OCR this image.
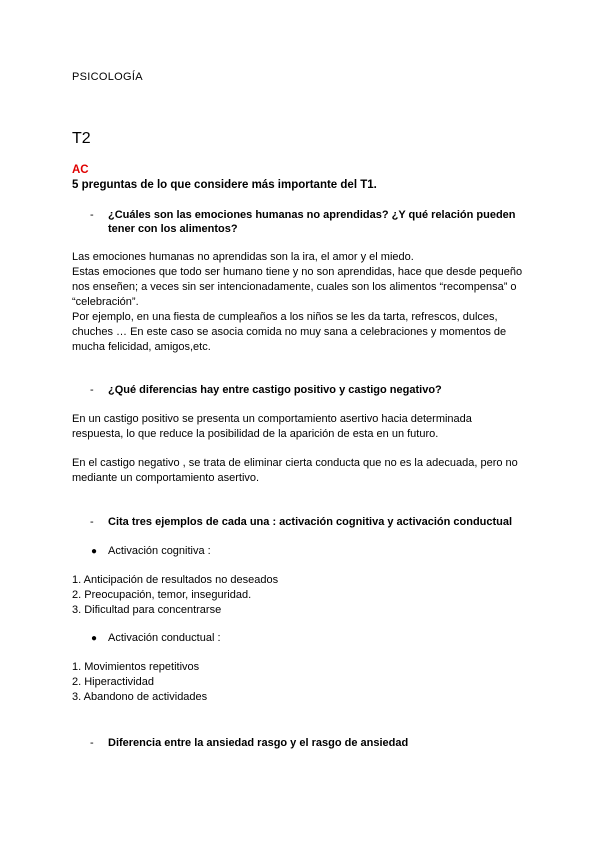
PSICOLOGÍA
T2
AC
5 preguntas de lo que considere más importante del T1.
- ¿Cuáles son las emociones humanas no aprendidas? ¿Y qué relación pueden
tener con los alimentos?
Las emociones humanas no aprendidas son la ira, el amor y el miedo.
Estas emociones que todo ser humano tiene y no son aprendidas, hace que desde pequeño
nos enseñen; a veces sin ser intencionadamente, cuales son los alimentos “recompensa” o
“celebración”.
Por ejemplo, en una fiesta de cumpleaños a los niños se les da tarta, refrescos, dulces,
chuches … En este caso se asocia comida no muy sana a celebraciones y momentos de
mucha felicidad, amigos,etc.
- ¿Qué diferencias hay entre castigo positivo y castigo negativo?
En un castigo positivo se presenta un comportamiento asertivo hacia determinada
respuesta, lo que reduce la posibilidad de la aparición de esta en un futuro.
En el castigo negativo , se trata de eliminar cierta conducta que no es la adecuada, pero no
mediante un comportamiento asertivo.
- Cita tres ejemplos de cada una : activación cognitiva y activación conductual
● Activación cognitiva :
1. Anticipación de resultados no deseados
2. Preocupación, temor, inseguridad.
3. Dificultad para concentrarse
● Activación conductual :
1. Movimientos repetitivos
2. Hiperactividad
3. Abandono de actividades
- Diferencia entre la ansiedad rasgo y el rasgo de ansiedad
